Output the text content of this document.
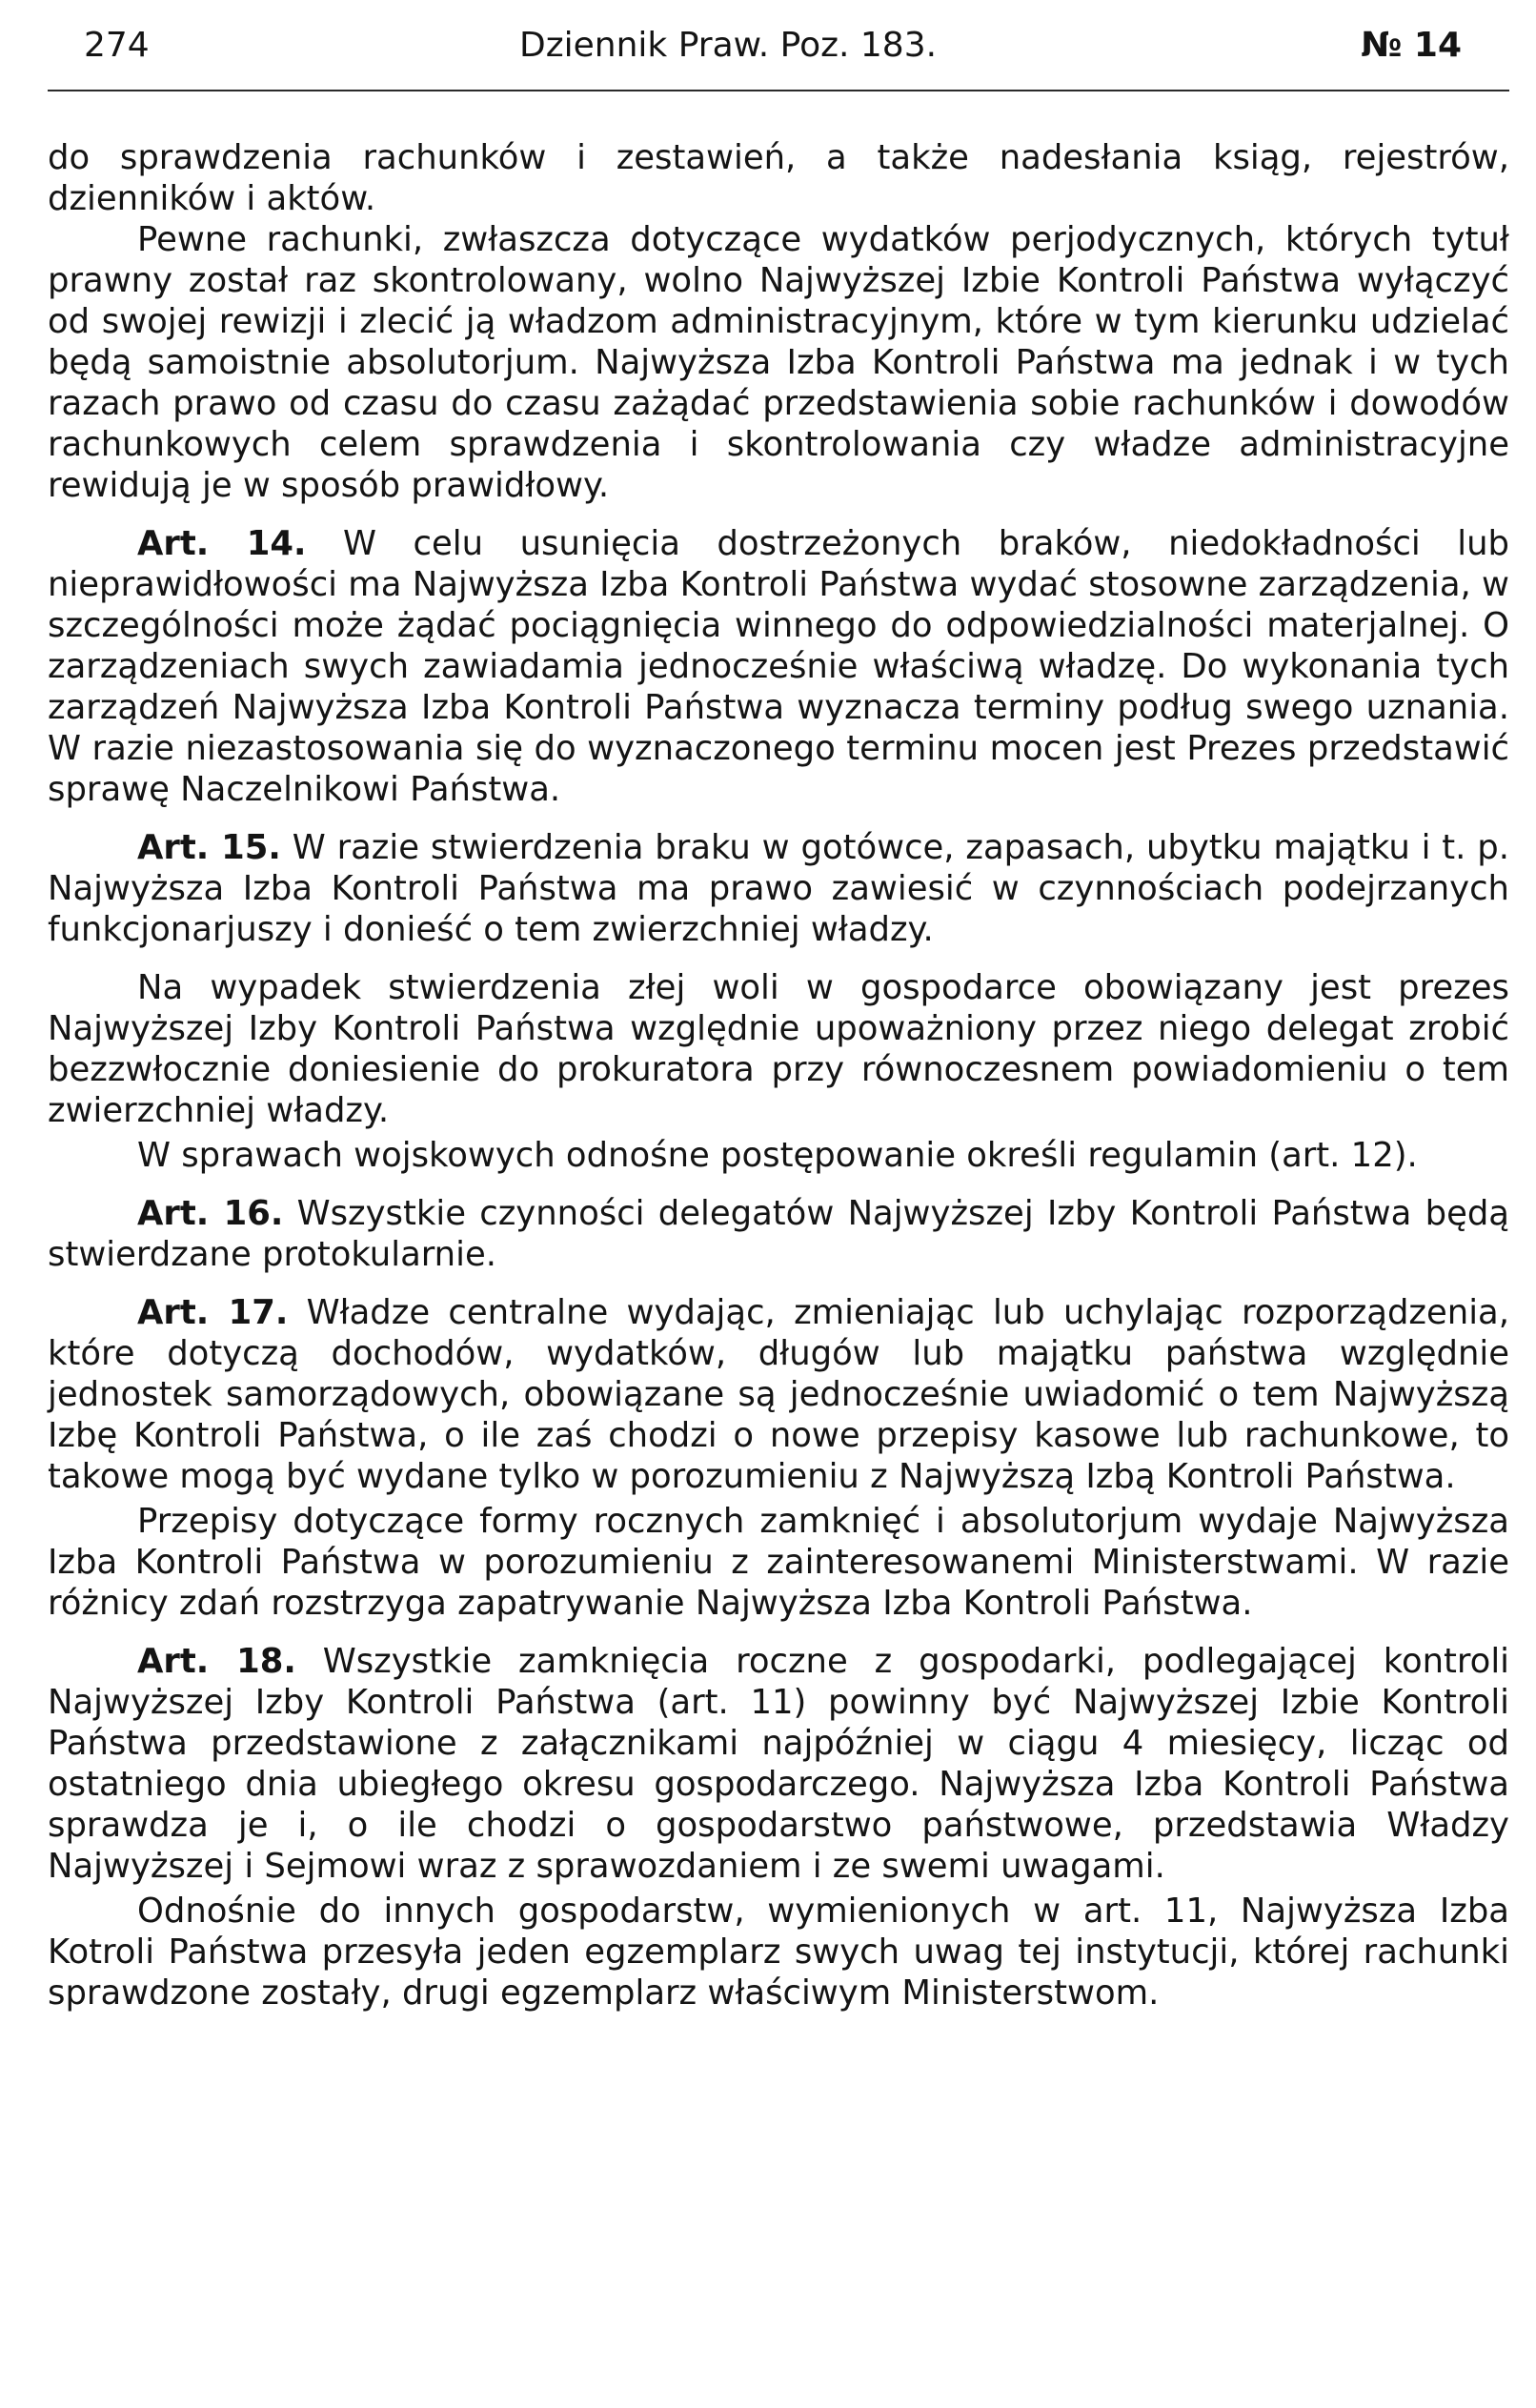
274	Dziennik Praw. Poz. 183.	№ 14

do sprawdzenia rachunków i zestawień, a także nadesłania ksiąg, rejestrów, dzienników i aktów.

Pewne rachunki, zwłaszcza dotyczące wydatków perjodycznych, których tytuł prawny został raz skontrolowany, wolno Najwyższej Izbie Kontroli Państwa wyłączyć od swojej rewizji i zlecić ją władzom administracyjnym, które w tym kierunku udzielać będą samoistnie absolutorjum. Najwyższa Izba Kontroli Państwa ma jednak i w tych razach prawo od czasu do czasu zażądać przedstawienia sobie rachunków i dowodów rachunkowych celem sprawdzenia i skontrolowania czy władze administracyjne rewidują je w sposób prawidłowy.

Art. 14. W celu usunięcia dostrzeżonych braków, niedokładności lub nieprawidłowości ma Najwyższa Izba Kontroli Państwa wydać stosowne zarządzenia, w szczególności może żądać pociągnięcia winnego do odpowiedzialności materjalnej. O zarządzeniach swych zawiadamia jednocześnie właściwą władzę. Do wykonania tych zarządzeń Najwyższa Izba Kontroli Państwa wyznacza terminy podług swego uznania. W razie niezastosowania się do wyznaczonego terminu mocen jest Prezes przedstawić sprawę Naczelnikowi Państwa.

Art. 15. W razie stwierdzenia braku w gotówce, zapasach, ubytku majątku i t. p. Najwyższa Izba Kontroli Państwa ma prawo zawiesić w czynnościach podejrzanych funkcjonarjuszy i donieść o tem zwierzchniej władzy.

Na wypadek stwierdzenia złej woli w gospodarce obowiązany jest prezes Najwyższej Izby Kontroli Państwa względnie upoważniony przez niego delegat zrobić bezzwłocznie doniesienie do prokuratora przy równoczesnem powiadomieniu o tem zwierzchniej władzy.

W sprawach wojskowych odnośne postępowanie określi regulamin (art. 12).

Art. 16. Wszystkie czynności delegatów Najwyższej Izby Kontroli Państwa będą stwierdzane protokularnie.

Art. 17. Władze centralne wydając, zmieniając lub uchylając rozporządzenia, które dotyczą dochodów, wydatków, długów lub majątku państwa względnie jednostek samorządowych, obowiązane są jednocześnie uwiadomić o tem Najwyższą Izbę Kontroli Państwa, o ile zaś chodzi o nowe przepisy kasowe lub rachunkowe, to takowe mogą być wydane tylko w porozumieniu z Najwyższą Izbą Kontroli Państwa.

Przepisy dotyczące formy rocznych zamknięć i absolutorjum wydaje Najwyższa Izba Kontroli Państwa w porozumieniu z zainteresowanemi Ministerstwami. W razie różnicy zdań rozstrzyga zapatrywanie Najwyższa Izba Kontroli Państwa.

Art. 18. Wszystkie zamknięcia roczne z gospodarki, podlegającej kontroli Najwyższej Izby Kontroli Państwa (art. 11) powinny być Najwyższej Izbie Kontroli Państwa przedstawione z załącznikami najpóźniej w ciągu 4 miesięcy, licząc od ostatniego dnia ubiegłego okresu gospodarczego. Najwyższa Izba Kontroli Państwa sprawdza je i, o ile chodzi o gospodarstwo państwowe, przedstawia Władzy Najwyższej i Sejmowi wraz z sprawozdaniem i ze swemi uwagami.

Odnośnie do innych gospodarstw, wymienionych w art. 11, Najwyższa Izba Kotroli Państwa przesyła jeden egzemplarz swych uwag tej instytucji, której rachunki sprawdzone zostały, drugi egzemplarz właściwym Ministerstwom.
